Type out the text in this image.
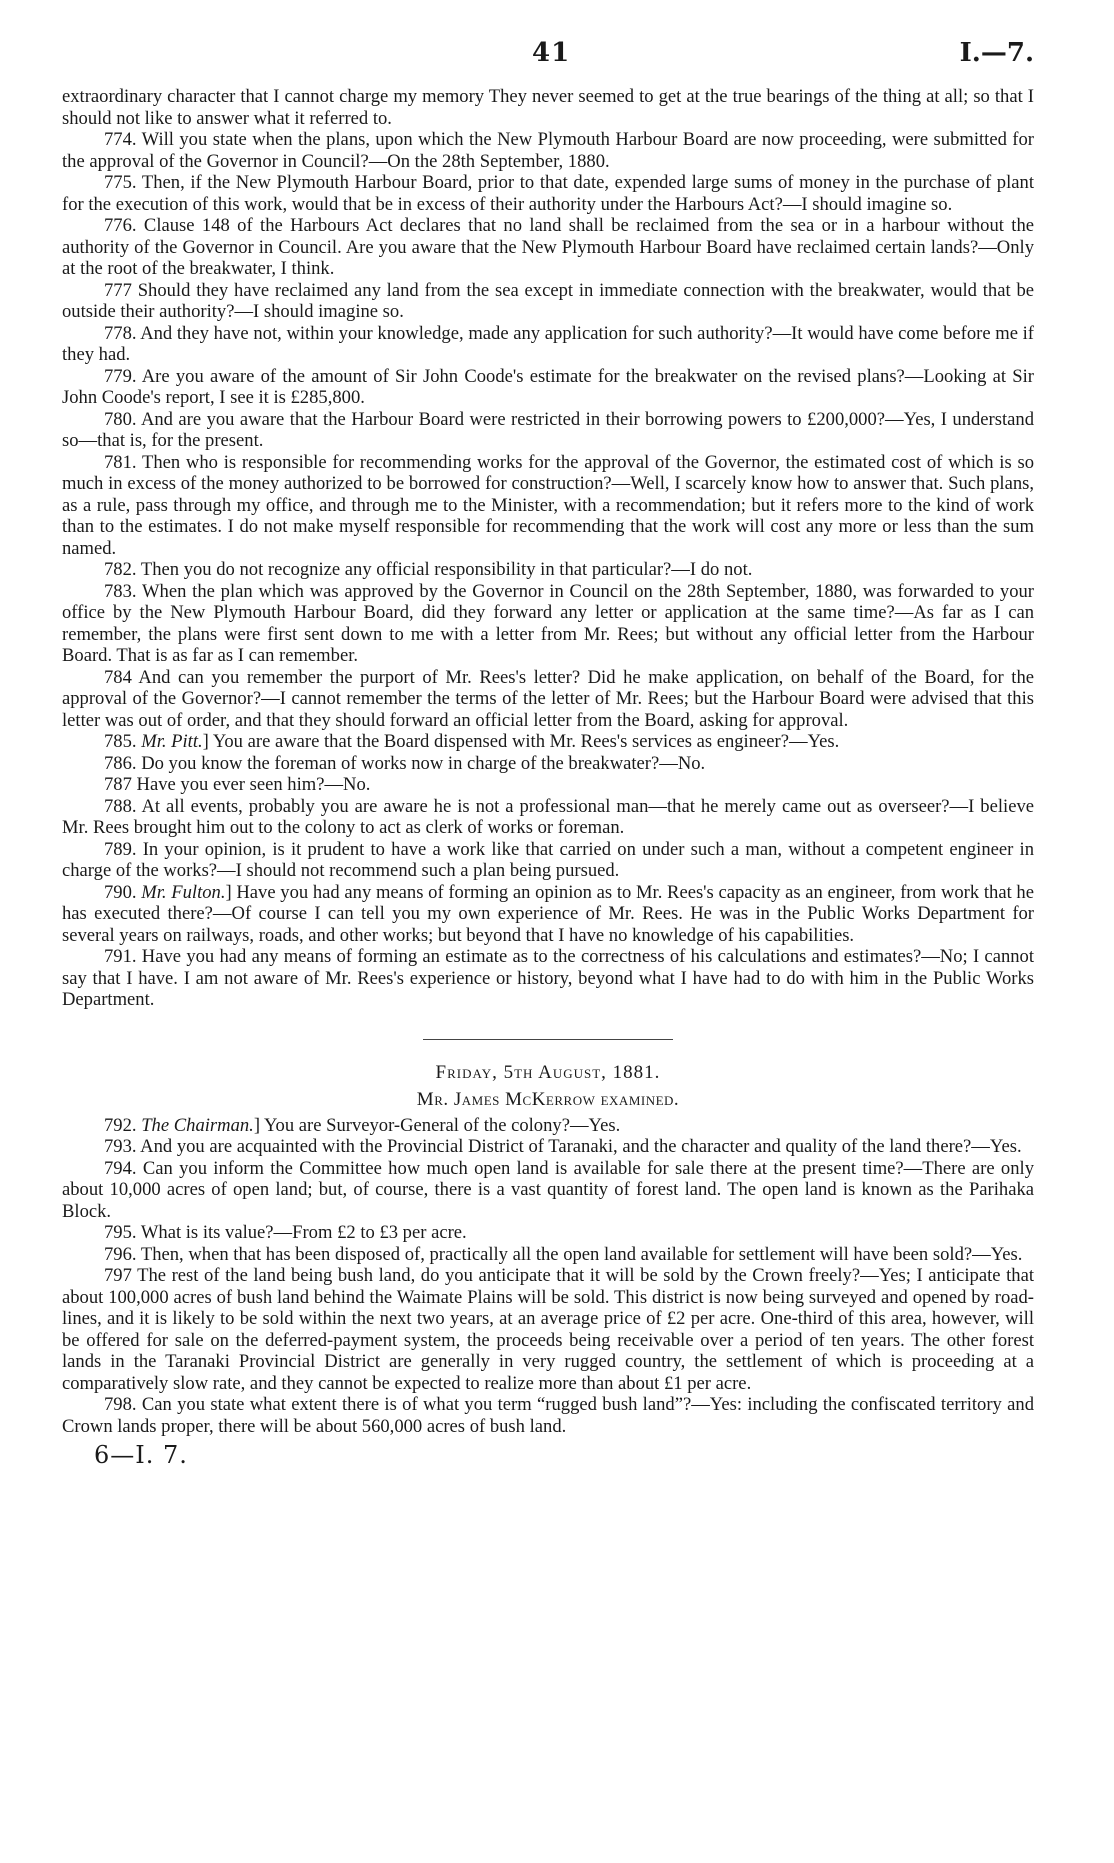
41	I.—7.

extraordinary character that I cannot charge my memory They never seemed to get at the true bearings of the thing at all; so that I should not like to answer what it referred to.

774. Will you state when the plans, upon which the New Plymouth Harbour Board are now proceeding, were submitted for the approval of the Governor in Council?—On the 28th September, 1880.

775. Then, if the New Plymouth Harbour Board, prior to that date, expended large sums of money in the purchase of plant for the execution of this work, would that be in excess of their authority under the Harbours Act?—I should imagine so.

776. Clause 148 of the Harbours Act declares that no land shall be reclaimed from the sea or in a harbour without the authority of the Governor in Council. Are you aware that the New Plymouth Harbour Board have reclaimed certain lands?—Only at the root of the breakwater, I think.

777 Should they have reclaimed any land from the sea except in immediate connection with the breakwater, would that be outside their authority?—I should imagine so.

778. And they have not, within your knowledge, made any application for such authority?—It would have come before me if they had.

779. Are you aware of the amount of Sir John Coode's estimate for the breakwater on the revised plans?—Looking at Sir John Coode's report, I see it is £285,800.

780. And are you aware that the Harbour Board were restricted in their borrowing powers to £200,000?—Yes, I understand so—that is, for the present.

781. Then who is responsible for recommending works for the approval of the Governor, the estimated cost of which is so much in excess of the money authorized to be borrowed for construction?—Well, I scarcely know how to answer that. Such plans, as a rule, pass through my office, and through me to the Minister, with a recommendation; but it refers more to the kind of work than to the estimates. I do not make myself responsible for recommending that the work will cost any more or less than the sum named.

782. Then you do not recognize any official responsibility in that particular?—I do not.

783. When the plan which was approved by the Governor in Council on the 28th September, 1880, was forwarded to your office by the New Plymouth Harbour Board, did they forward any letter or application at the same time?—As far as I can remember, the plans were first sent down to me with a letter from Mr. Rees; but without any official letter from the Harbour Board. That is as far as I can remember.

784 And can you remember the purport of Mr. Rees's letter? Did he make application, on behalf of the Board, for the approval of the Governor?—I cannot remember the terms of the letter of Mr. Rees; but the Harbour Board were advised that this letter was out of order, and that they should forward an official letter from the Board, asking for approval.

785. Mr. Pitt.] You are aware that the Board dispensed with Mr. Rees's services as engineer?—Yes.

786. Do you know the foreman of works now in charge of the breakwater?—No.

787 Have you ever seen him?—No.

788. At all events, probably you are aware he is not a professional man—that he merely came out as overseer?—I believe Mr. Rees brought him out to the colony to act as clerk of works or foreman.

789. In your opinion, is it prudent to have a work like that carried on under such a man, without a competent engineer in charge of the works?—I should not recommend such a plan being pursued.

790. Mr. Fulton.] Have you had any means of forming an opinion as to Mr. Rees's capacity as an engineer, from work that he has executed there?—Of course I can tell you my own experience of Mr. Rees. He was in the Public Works Department for several years on railways, roads, and other works; but beyond that I have no knowledge of his capabilities.

791. Have you had any means of forming an estimate as to the correctness of his calculations and estimates?—No; I cannot say that I have. I am not aware of Mr. Rees's experience or history, beyond what I have had to do with him in the Public Works Department.

Friday, 5th August, 1881.

Mr. James McKerrow examined.

792. The Chairman.] You are Surveyor-General of the colony?—Yes.

793. And you are acquainted with the Provincial District of Taranaki, and the character and quality of the land there?—Yes.

794. Can you inform the Committee how much open land is available for sale there at the present time?—There are only about 10,000 acres of open land; but, of course, there is a vast quantity of forest land. The open land is known as the Parihaka Block.

795. What is its value?—From £2 to £3 per acre.

796. Then, when that has been disposed of, practically all the open land available for settlement will have been sold?—Yes.

797 The rest of the land being bush land, do you anticipate that it will be sold by the Crown freely?—Yes; I anticipate that about 100,000 acres of bush land behind the Waimate Plains will be sold. This district is now being surveyed and opened by road-lines, and it is likely to be sold within the next two years, at an average price of £2 per acre. One-third of this area, however, will be offered for sale on the deferred-payment system, the proceeds being receivable over a period of ten years. The other forest lands in the Taranaki Provincial District are generally in very rugged country, the settlement of which is proceeding at a comparatively slow rate, and they cannot be expected to realize more than about £1 per acre.

798. Can you state what extent there is of what you term “rugged bush land”?—Yes: including the confiscated territory and Crown lands proper, there will be about 560,000 acres of bush land.

6—I. 7.
